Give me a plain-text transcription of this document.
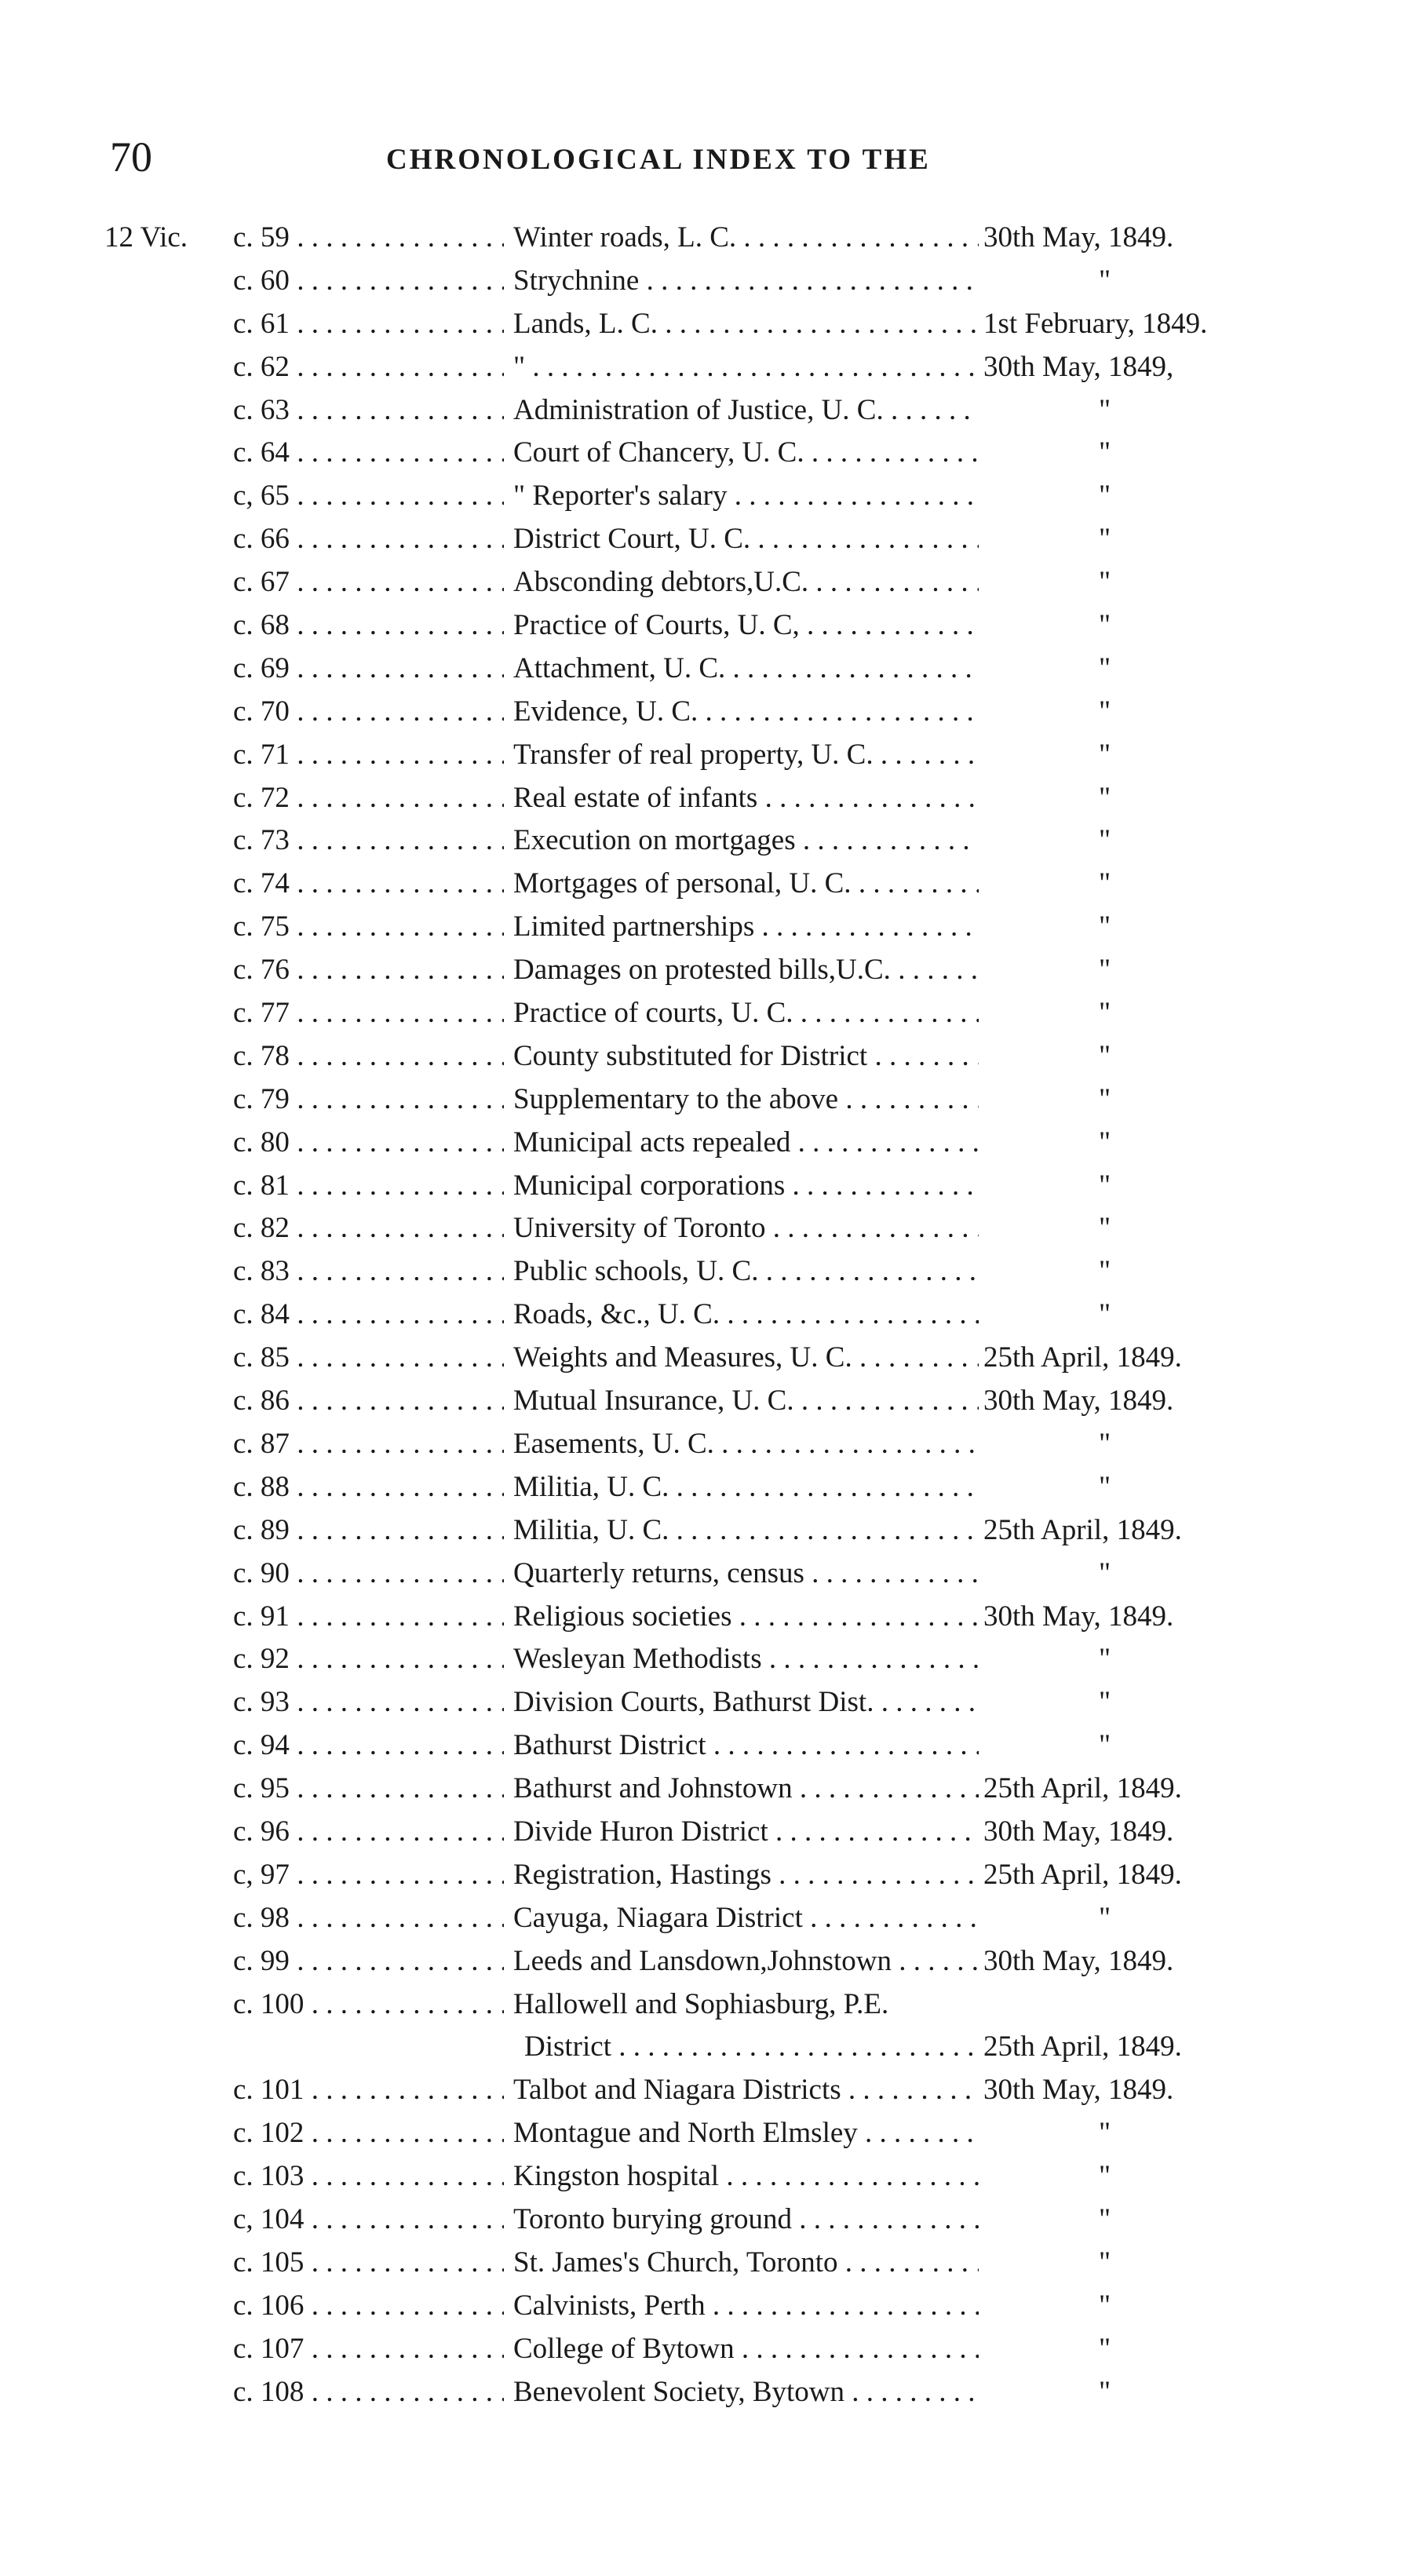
70	CHRONOLOGICAL INDEX TO THE
12 Vic. c. 59 . . .	Winter roads, L. C. . . .	30th May, 1849.
c. 60 . . .	Strychnine . . .	"
c. 61 . . .	Lands, L. C. . . .	1st February, 1849.
c. 62 . . .	" . . .	30th May, 1849,
c. 63 . . .	Administration of Justice, U. C. . . .	"
c. 64 . . .	Court of Chancery, U. C. . . .	"
c, 65 . . .	" Reporter's salary . . .	"
c. 66 . . .	District Court, U. C. . . .	"
c. 67 . . .	Absconding debtors,U.C. . . .	"
c. 68 . . .	Practice of Courts, U. C, . . .	"
c. 69 . . .	Attachment, U. C. . . .	"
c. 70 . . .	Evidence, U. C. . . .	"
c. 71 . . .	Transfer of real property, U. C. . . .	"
c. 72 . . .	Real estate of infants . . .	"
c. 73 . . .	Execution on mortgages . . .	"
c. 74 . . .	Mortgages of personal, U. C. . . .	"
c. 75 . . .	Limited partnerships . . .	"
c. 76 . . .	Damages on protested bills,U.C. . . .	"
c. 77 . . .	Practice of courts, U. C. . . .	"
c. 78 . . .	County substituted for District . . .	"
c. 79 . . .	Supplementary to the above . . .	"
c. 80 . . .	Municipal acts repealed . . .	"
c. 81 . . .	Municipal corporations . . .	"
c. 82 . . .	University of Toronto . . .	"
c. 83 . . .	Public schools, U. C. . . .	"
c. 84 . . .	Roads, &c., U. C. . . .	"
c. 85 . . .	Weights and Measures, U. C. . . .	25th April, 1849.
c. 86 . . .	Mutual Insurance, U. C. . . .	30th May, 1849.
c. 87 . . .	Easements, U. C. . . .	"
c. 88 . . .	Militia, U. C. . . .	"
c. 89 . . .	Militia, U. C. . . .	25th April, 1849.
c. 90 . . .	Quarterly returns, census . . .	"
c. 91 . . .	Religious societies . . .	30th May, 1849.
c. 92 . . .	Wesleyan Methodists . . .	"
c. 93 . . .	Division Courts, Bathurst Dist. . . .	"
c. 94 . . .	Bathurst District . . .	"
c. 95 . . .	Bathurst and Johnstown . . .	25th April, 1849.
c. 96 . . .	Divide Huron District . . .	30th May, 1849.
c, 97 . . .	Registration, Hastings . . .	25th April, 1849.
c. 98 . . .	Cayuga, Niagara District . . .	"
c. 99 . . .	Leeds and Lansdown,Johnstown . . .	30th May, 1849.
c. 100 . . .	Hallowell and Sophiasburg, P.E.
District . . .	25th April, 1849.
c. 101 . . .	Talbot and Niagara Districts . . .	30th May, 1849.
c. 102 . . .	Montague and North Elmsley . . .	"
c. 103 . . .	Kingston hospital . . .	"
c, 104 . . .	Toronto burying ground . . .	"
c. 105 . . .	St. James's Church, Toronto . . .	"
c. 106 . . .	Calvinists, Perth . . .	"
c. 107 . . .	College of Bytown . . .	"
c. 108 . . .	Benevolent Society, Bytown . . .	"
